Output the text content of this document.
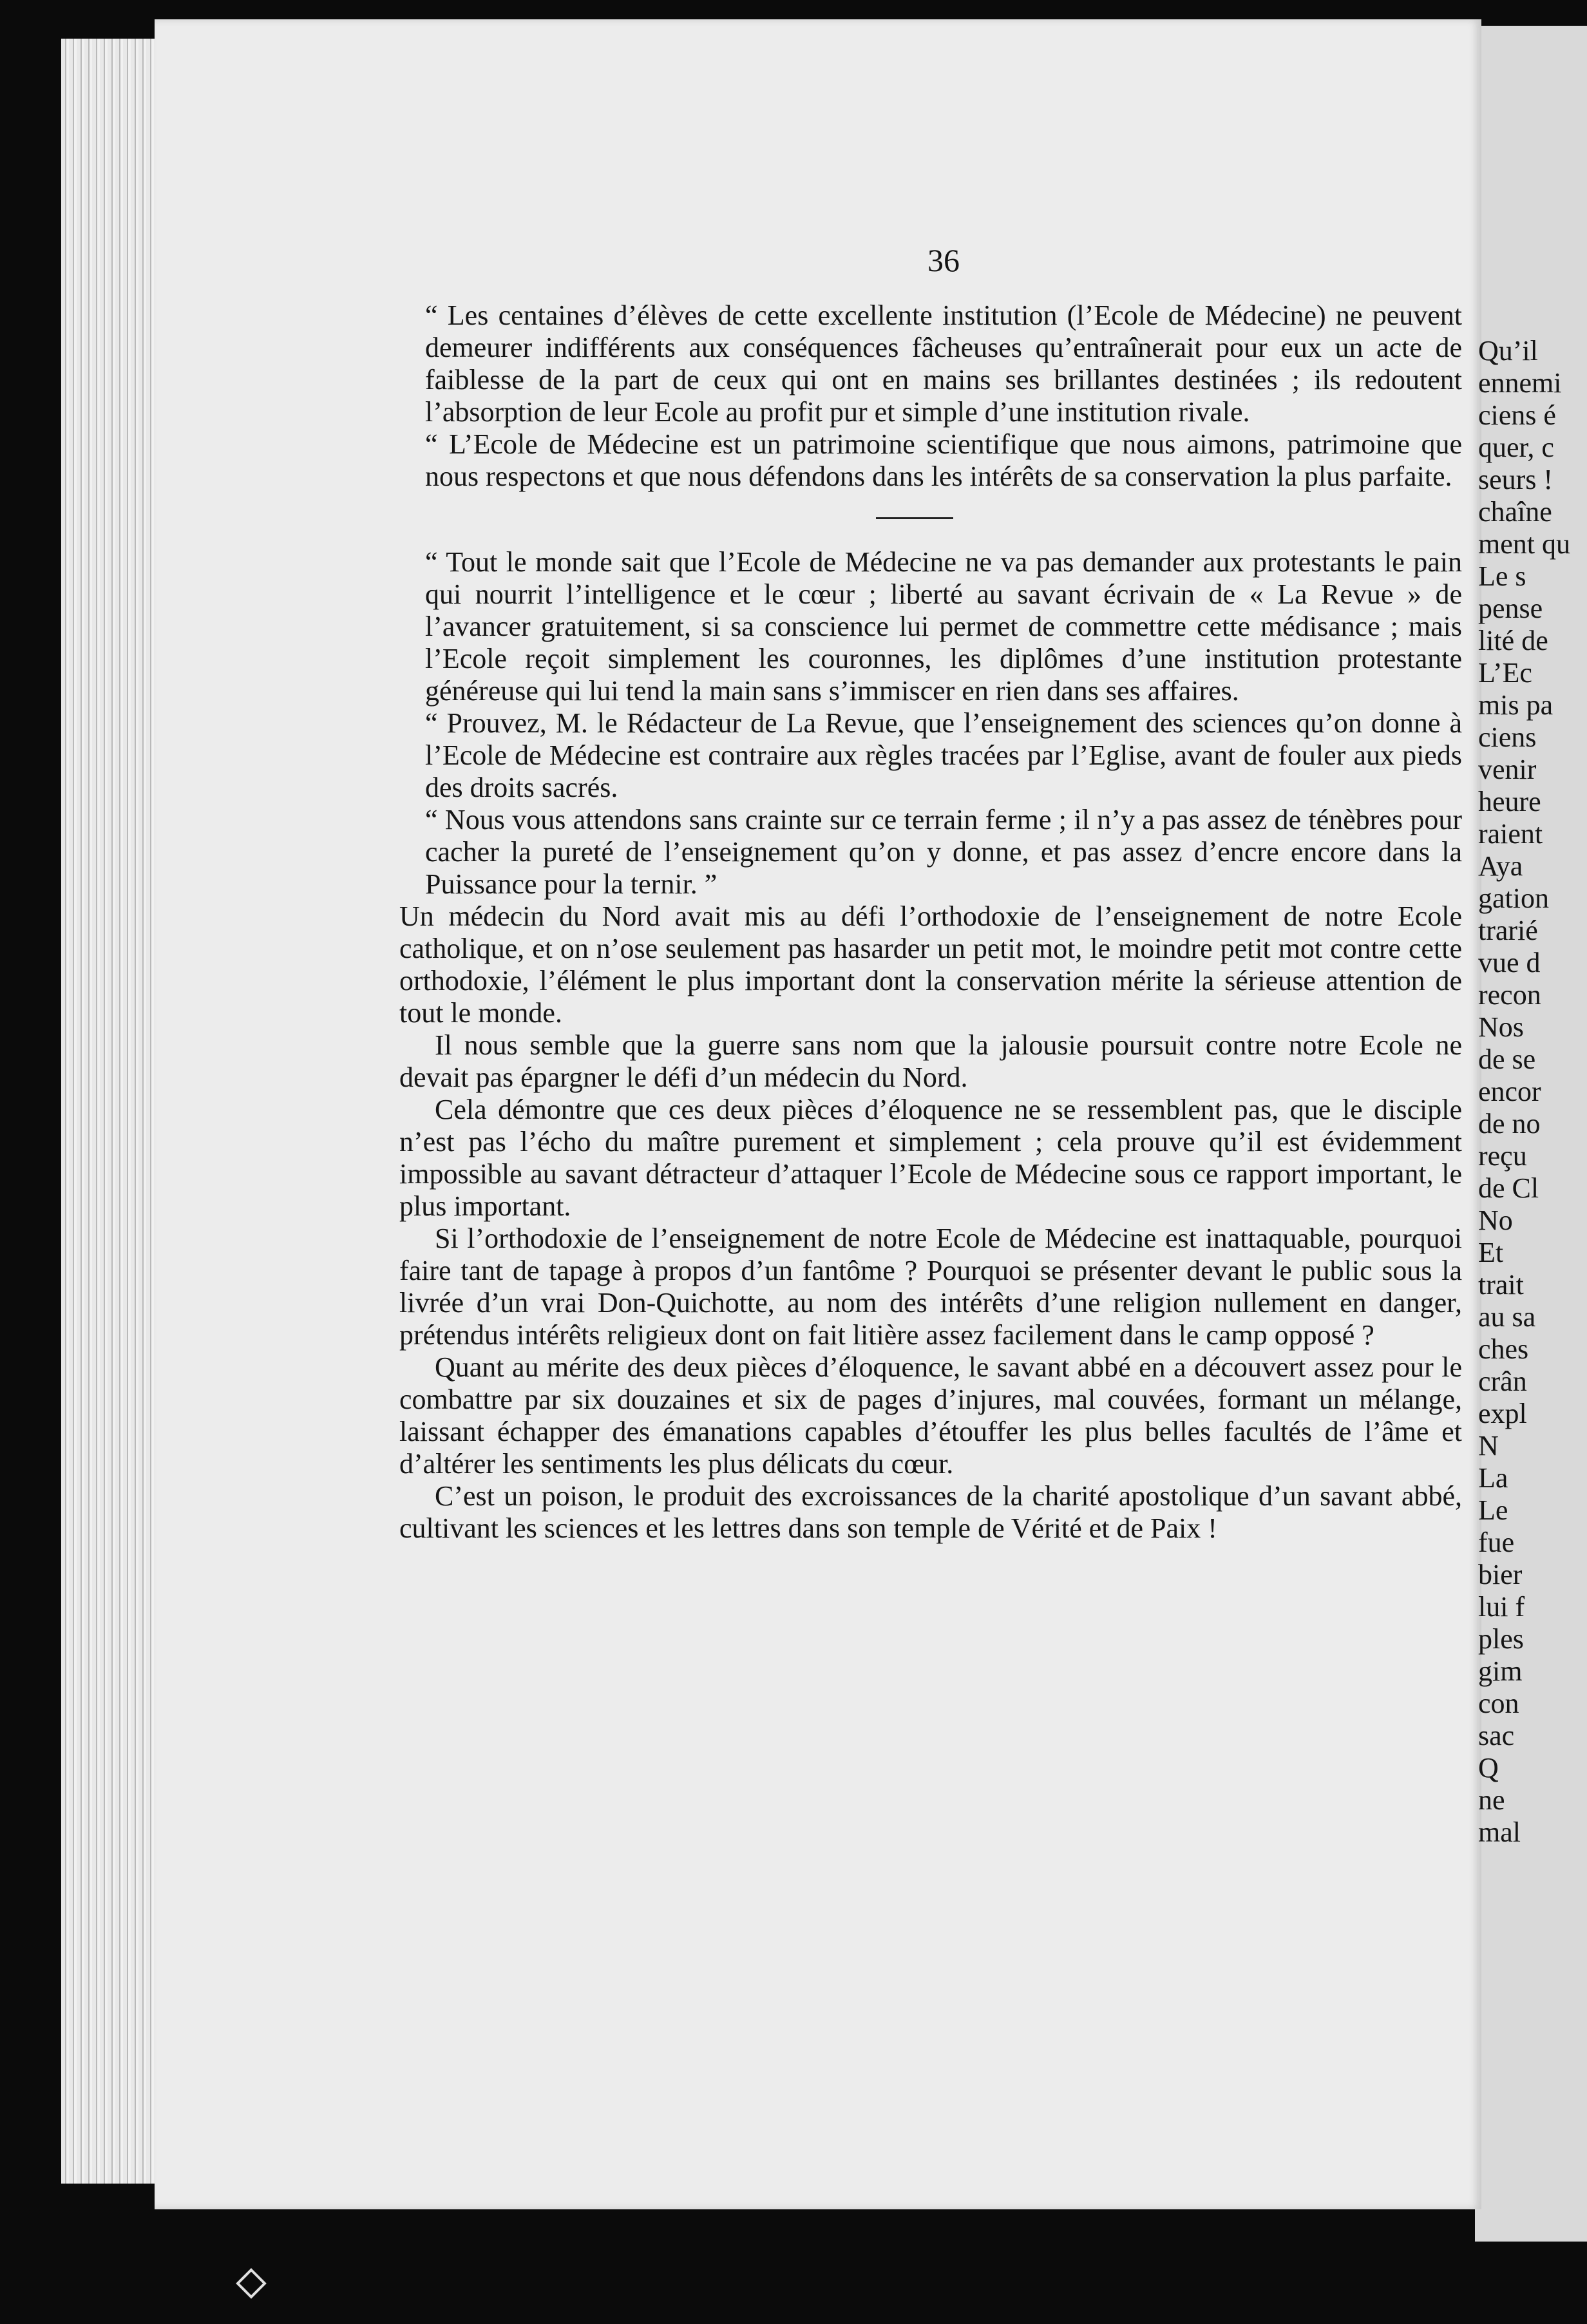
36

“ Les centaines d’élèves de cette excellente institution (l’Ecole de Médecine) ne peuvent demeurer indifférents aux conséquences fâcheuses qu’entraînerait pour eux un acte de faiblesse de la part de ceux qui ont en mains ses brillantes destinées ; ils redoutent l’absorption de leur Ecole au profit pur et simple d’une institution rivale.

“ L’Ecole de Médecine est un patrimoine scientifique que nous aimons, patrimoine que nous respectons et que nous défendons dans les intérêts de sa conservation la plus parfaite.

“ Tout le monde sait que l’Ecole de Médecine ne va pas demander aux protestants le pain qui nourrit l’intelligence et le cœur ; liberté au savant écrivain de « La Revue » de l’avancer gratuitement, si sa conscience lui permet de commettre cette médisance ; mais l’Ecole reçoit simplement les couronnes, les diplômes d’une institution protestante généreuse qui lui tend la main sans s’immiscer en rien dans ses affaires.

“ Prouvez, M. le Rédacteur de La Revue, que l’enseignement des sciences qu’on donne à l’Ecole de Médecine est contraire aux règles tracées par l’Eglise, avant de fouler aux pieds des droits sacrés.

“ Nous vous attendons sans crainte sur ce terrain ferme ; il n’y a pas assez de ténèbres pour cacher la pureté de l’enseignement qu’on y donne, et pas assez d’encre encore dans la Puissance pour la ternir. ”

Un médecin du Nord avait mis au défi l’orthodoxie de l’enseignement de notre Ecole catholique, et on n’ose seulement pas hasarder un petit mot, le moindre petit mot contre cette orthodoxie, l’élément le plus important dont la conservation mérite la sérieuse attention de tout le monde.

Il nous semble que la guerre sans nom que la jalousie poursuit contre notre Ecole ne devait pas épargner le défi d’un médecin du Nord.

Cela démontre que ces deux pièces d’éloquence ne se ressemblent pas, que le disciple n’est pas l’écho du maître purement et simplement ; cela prouve qu’il est évidemment impossible au savant détracteur d’attaquer l’Ecole de Médecine sous ce rapport important, le plus important.

Si l’orthodoxie de l’enseignement de notre Ecole de Médecine est inattaquable, pourquoi faire tant de tapage à propos d’un fantôme ? Pourquoi se présenter devant le public sous la livrée d’un vrai Don-Quichotte, au nom des intérêts d’une religion nullement en danger, prétendus intérêts religieux dont on fait litière assez facilement dans le camp opposé ?

Quant au mérite des deux pièces d’éloquence, le savant abbé en a découvert assez pour le combattre par six douzaines et six de pages d’injures, mal couvées, formant un mélange, laissant échapper des émanations capables d’étouffer les plus belles facultés de l’âme et d’altérer les sentiments les plus délicats du cœur.

C’est un poison, le produit des excroissances de la charité apostolique d’un savant abbé, cultivant les sciences et les lettres dans son temple de Vérité et de Paix !

Qu’il
ennemi
ciens é
quer, c
seurs !
chaîne
ment qu
Le s
pense
lité de
L’Ec
mis pa
ciens
venir
heure
raient
Aya
gation
trarié
vue d
recon
Nos
de se
encor
de no
reçu
de Cl
No
Et
trait
au sa
ches
crân
expl
N
La
Le
fue
bier
lui f
ples
gim
con
sac
Q
ne
mal
